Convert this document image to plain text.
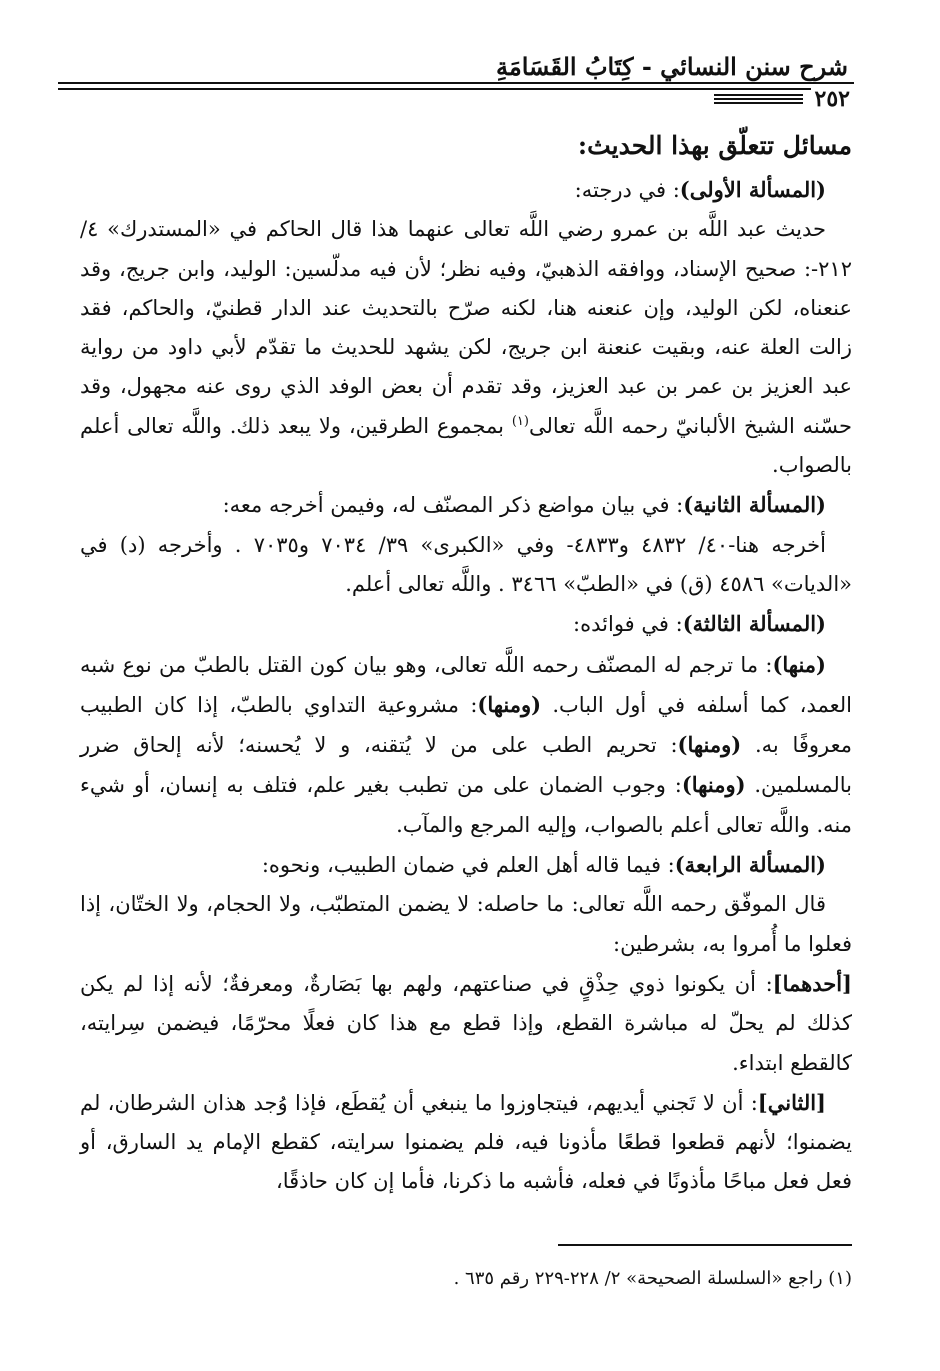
شرح سنن النسائي - كِتَابُ القَسَامَةِ
٢٥٢

مسائل تتعلّق بهذا الحديث:

(المسألة الأولى): في درجته:

حديث عبد اللَّه بن عمرو رضي اللَّه تعالى عنهما هذا قال الحاكم في «المستدرك» ٤/ ٢١٢-: صحيح الإسناد، ووافقه الذهبيّ، وفيه نظر؛ لأن فيه مدلّسين: الوليد، وابن جريج، وقد عنعناه، لكن الوليد، وإن عنعنه هنا، لكنه صرّح بالتحديث عند الدار قطنيّ، والحاكم، فقد زالت العلة عنه، وبقيت عنعنة ابن جريج، لكن يشهد للحديث ما تقدّم لأبي داود من رواية عبد العزيز بن عمر بن عبد العزيز، وقد تقدم أن بعض الوفد الذي روى عنه مجهول، وقد حسّنه الشيخ الألبانيّ رحمه اللَّه تعالى$^{(١)}$ بمجموع الطرقين، ولا يبعد ذلك. واللَّه تعالى أعلم بالصواب.

(المسألة الثانية): في بيان مواضع ذكر المصنّف له، وفيمن أخرجه معه:

أخرجه هنا-٤٠/ ٤٨٣٢ و٤٨٣٣- وفي «الكبرى» ٣٩/ ٧٠٣٤ و٧٠٣٥ . وأخرجه (د) في «الديات» ٤٥٨٦ (ق) في «الطبّ» ٣٤٦٦ . واللَّه تعالى أعلم.

(المسألة الثالثة): في فوائده:

(منها): ما ترجم له المصنّف رحمه اللَّه تعالى، وهو بيان كون القتل بالطبّ من نوع شبه العمد، كما أسلفه في أول الباب. (ومنها): مشروعية التداوي بالطبّ، إذا كان الطبيب معروفًا به. (ومنها): تحريم الطب على من لا يُتقنه، و لا يُحسنه؛ لأنه إلحاق ضرر بالمسلمين. (ومنها): وجوب الضمان على من تطبب بغير علم، فتلف به إنسان، أو شيء منه. واللَّه تعالى أعلم بالصواب، وإليه المرجع والمآب.

(المسألة الرابعة): فيما قاله أهل العلم في ضمان الطبيب، ونحوه:

قال الموفّق رحمه اللَّه تعالى: ما حاصله: لا يضمن المتطبّب، ولا الحجام، ولا الختّان، إذا فعلوا ما أُمروا به، بشرطين:

[أحدهما]: أن يكونوا ذوي حِذْقٍ في صناعتهم، ولهم بها بَصَارةٌ، ومعرفةٌ؛ لأنه إذا لم يكن كذلك لم يحلّ له مباشرة القطع، وإذا قطع مع هذا كان فعلًا محرّمًا، فيضمن سِرايته، كالقطع ابتداء.

[الثاني]: أن لا تَجني أيديهم، فيتجاوزوا ما ينبغي أن يُقطَع، فإذا وُجد هذان الشرطان، لم يضمنوا؛ لأنهم قطعوا قطعًا مأذونا فيه، فلم يضمنوا سرايته، كقطع الإمام يد السارق، أو فعل فعل مباحًا مأذونًا في فعله، فأشبه ما ذكرنا، فأما إن كان حاذقًا،

(١) راجع «السلسلة الصحيحة» ٢/ ٢٢٨-٢٢٩ رقم ٦٣٥ .
